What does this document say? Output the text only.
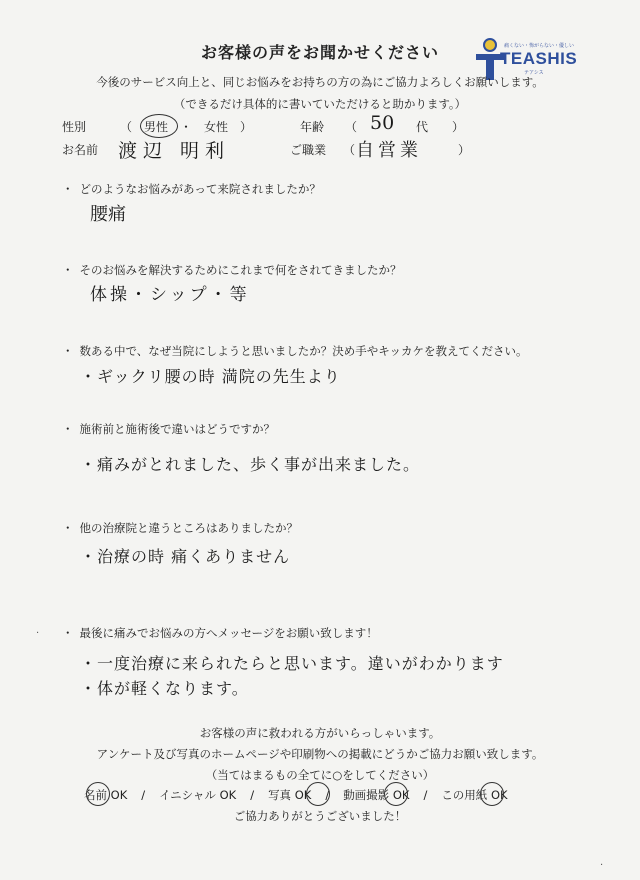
お客様の声をお聞かせください	痛くない・怖がらない・優しい
TEASHIS
テアシス
今後のサービス向上と、同じお悩みをお持ちの方の為にご協力よろしくお願いします。
（できるだけ具体的に書いていただけると助かります。）
性別	（　男性　・　女性　）	年齢 （ 50 代 ）
お名前 渡辺 明利	ご職業 （ 自営業	）
・ どのようなお悩みがあって来院されましたか？
腰痛
・ そのお悩みを解決するためにこれまで何をされてきましたか？
体操・シップ・等
・ 数ある中で、なぜ当院にしようと思いましたか？決め手やキッカケを教えてください。
・ギックリ腰の時 満院の先生より
・ 施術前と施術後で違いはどうですか？
・痛みがとれました、歩く事が出来ました。
・ 他の治療院と違うところはありましたか？
・治療の時 痛くありません
・ 最後に痛みでお悩みの方へメッセージをお願い致します！
・一度治療に来られたらと思います。違いがわかります
・体が軽くなります。
お客様の声に救われる方がいらっしゃいます。
アンケート及び写真のホームページや印刷物への掲載にどうかご協力お願い致します。
（当てはまるもの全てに○をしてください）
名前 OK / イニシャル OK / 写真 OK / 動画撮影 OK / この用紙 OK
ご協力ありがとうございました！
·
·
